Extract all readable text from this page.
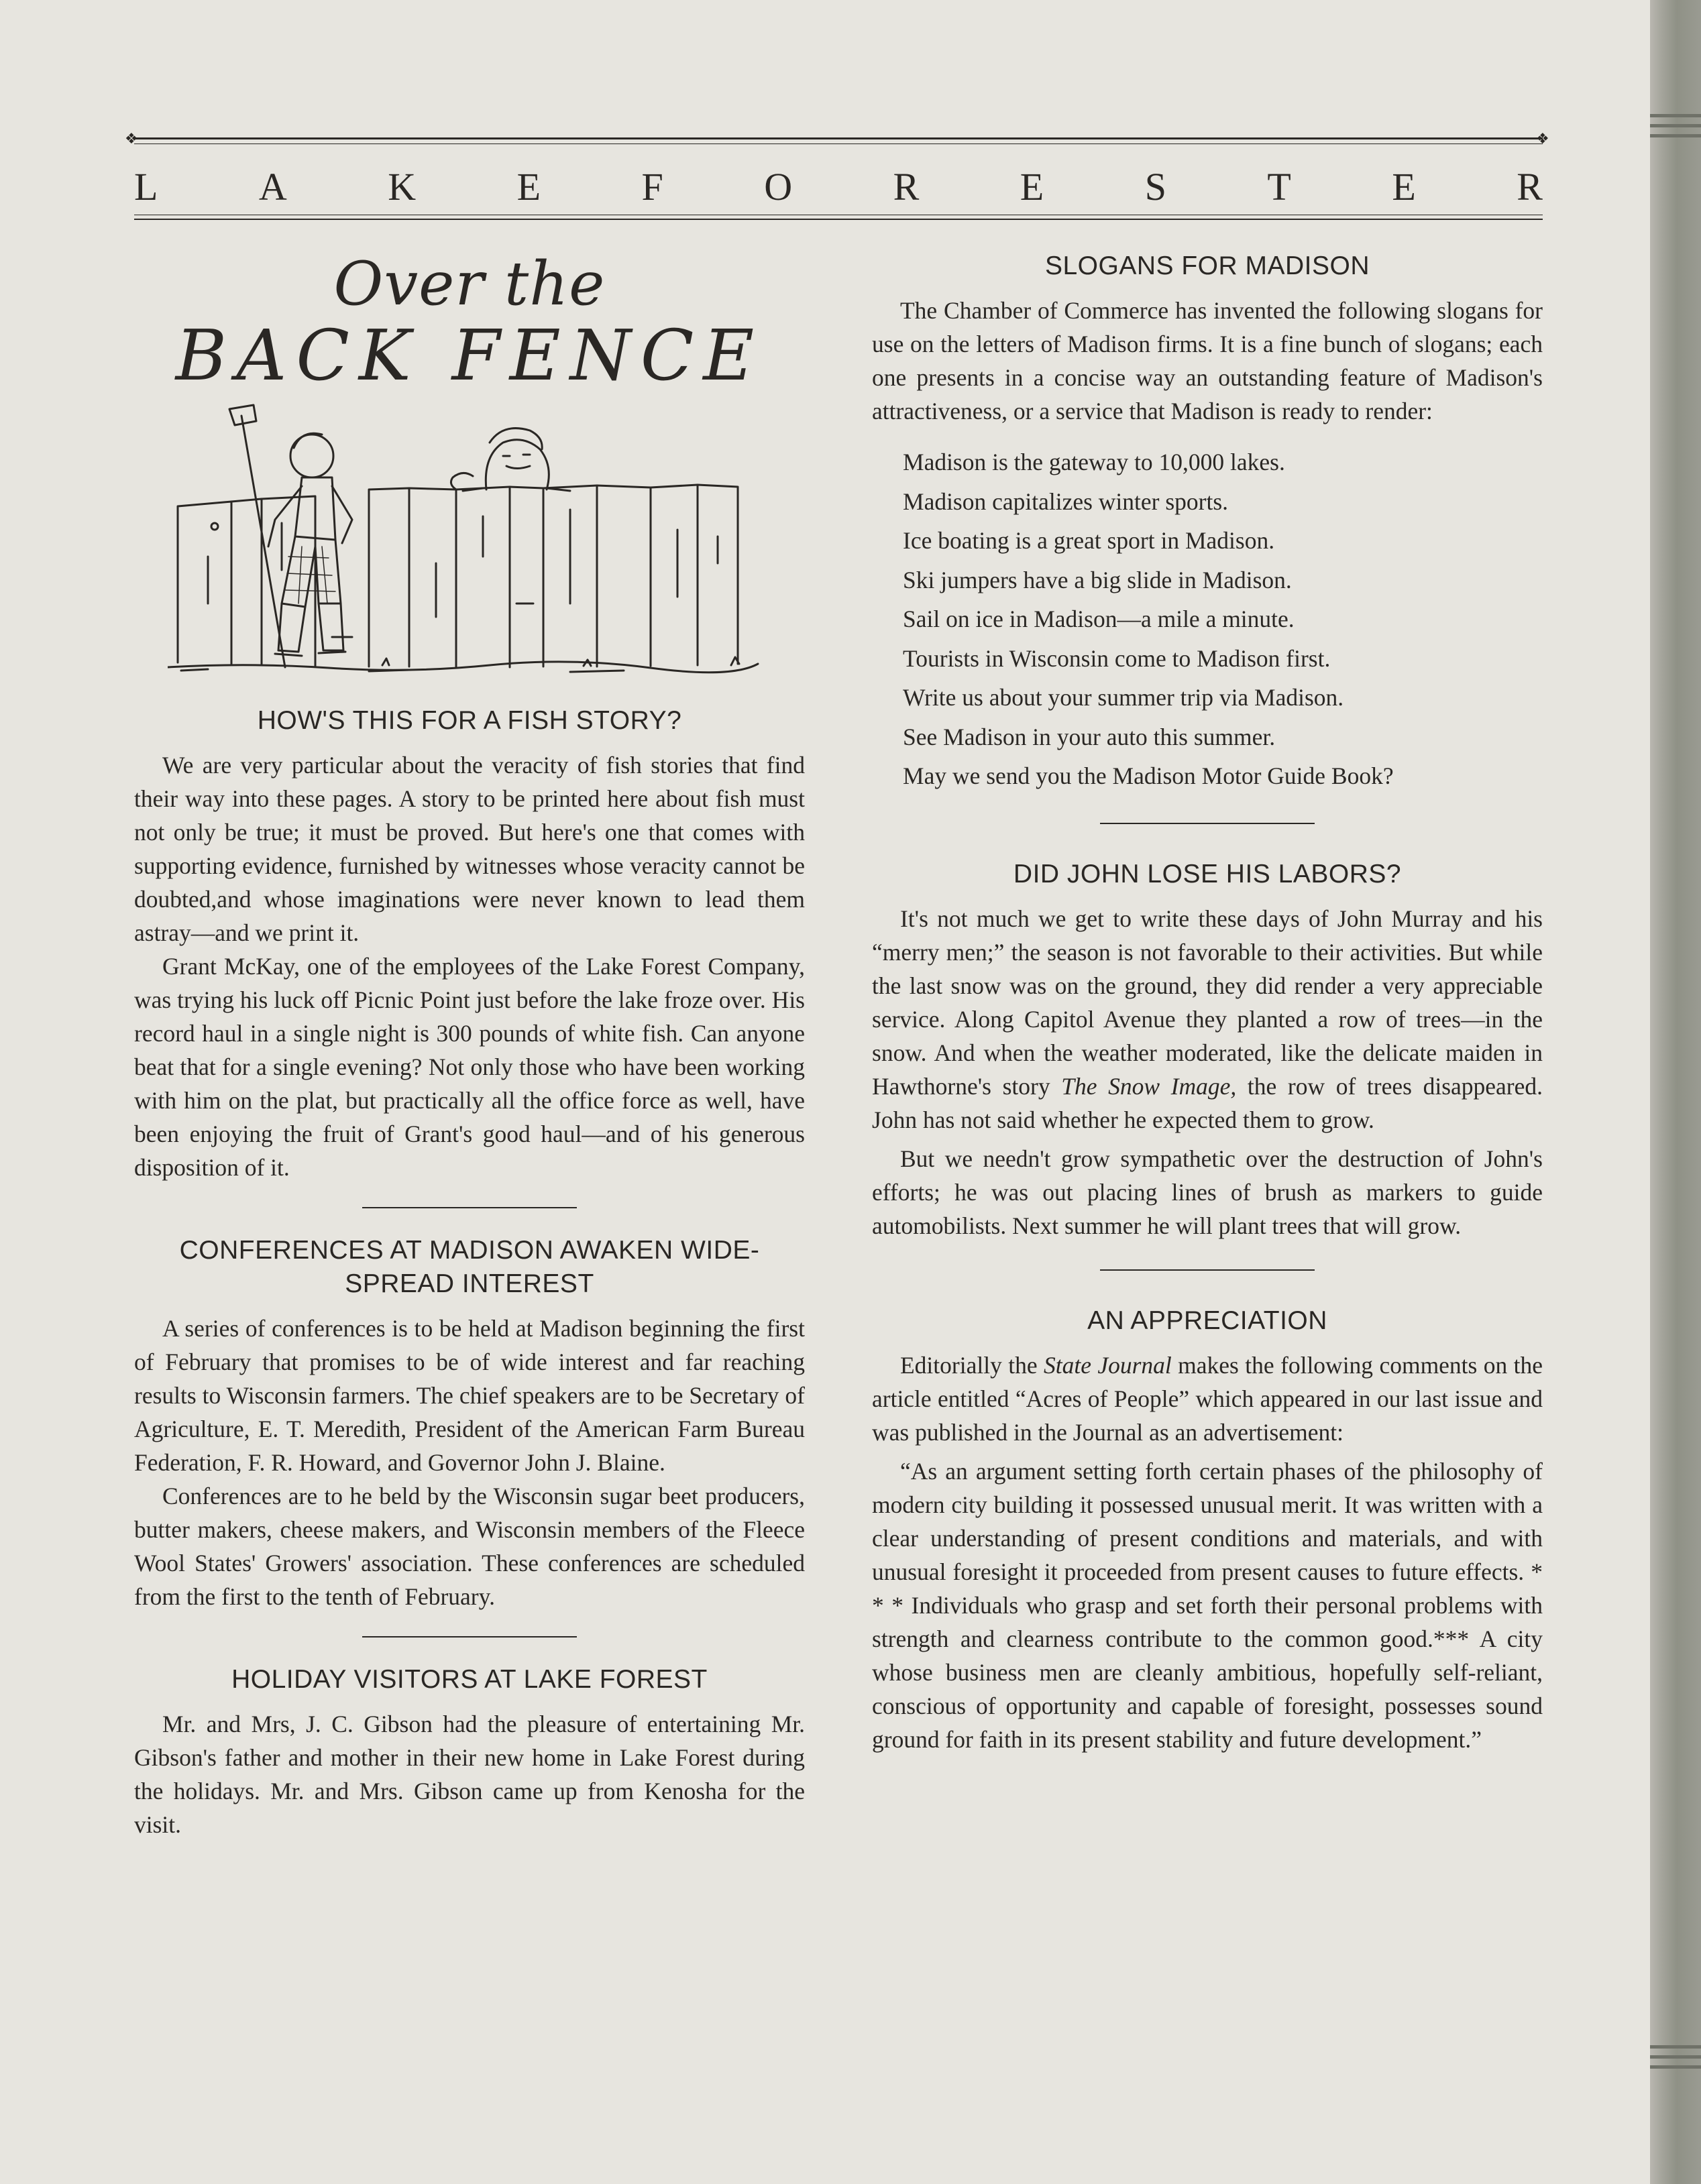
❖	❖
L	A	K	E	F	O	R	E	S	T	E	R
Over the
BACK FENCE
HOW'S THIS FOR A FISH STORY?

We are very particular about the veracity of fish stories that find their way into these pages. A story to be printed here about fish must not only be true; it must be proved. But here's one that comes with supporting evidence, furnished by witnesses whose veracity cannot be doubted,and whose imaginations were never known to lead them astray—and we print it.

Grant McKay, one of the employees of the Lake Forest Company, was trying his luck off Picnic Point just before the lake froze over. His record haul in a single night is 300 pounds of white fish. Can anyone beat that for a single evening? Not only those who have been working with him on the plat, but practically all the office force as well, have been enjoying the fruit of Grant's good haul—and of his generous disposition of it.

CONFERENCES AT MADISON AWAKEN WIDE-SPREAD INTEREST

A series of conferences is to be held at Madison beginning the first of February that promises to be of wide interest and far reaching results to Wisconsin farmers. The chief speakers are to be Secretary of Agriculture, E. T. Meredith, President of the American Farm Bureau Federation, F. R. Howard, and Governor John J. Blaine.

Conferences are to he beld by the Wisconsin sugar beet producers, butter makers, cheese makers, and Wisconsin members of the Fleece Wool States' Growers' association. These conferences are scheduled from the first to the tenth of February.

HOLIDAY VISITORS AT LAKE FOREST

Mr. and Mrs, J. C. Gibson had the pleasure of entertaining Mr. Gibson's father and mother in their new home in Lake Forest during the holidays. Mr. and Mrs. Gibson came up from Kenosha for the visit.

SLOGANS FOR MADISON

The Chamber of Commerce has invented the following slogans for use on the letters of Madison firms. It is a fine bunch of slogans; each one presents in a concise way an outstanding feature of Madison's attractiveness, or a service that Madison is ready to render:

Madison is the gateway to 10,000 lakes.
Madison capitalizes winter sports.
Ice boating is a great sport in Madison.
Ski jumpers have a big slide in Madison.
Sail on ice in Madison—a mile a minute.
Tourists in Wisconsin come to Madison first.
Write us about your summer trip via Madison.
See Madison in your auto this summer.
May we send you the Madison Motor Guide Book?
DID JOHN LOSE HIS LABORS?

It's not much we get to write these days of John Murray and his “merry men;” the season is not favorable to their activities. But while the last snow was on the ground, they did render a very appreciable service. Along Capitol Avenue they planted a row of trees—in the snow. And when the weather moderated, like the delicate maiden in Hawthorne's story The Snow Image, the row of trees disappeared. John has not said whether he expected them to grow.

But we needn't grow sympathetic over the destruction of John's efforts; he was out placing lines of brush as markers to guide automobilists. Next summer he will plant trees that will grow.

AN APPRECIATION

Editorially the State Journal makes the following comments on the article entitled “Acres of People” which appeared in our last issue and was published in the Journal as an advertisement:

“As an argument setting forth certain phases of the philosophy of modern city building it possessed unusual merit. It was written with a clear understanding of present conditions and materials, and with unusual foresight it proceeded from present causes to future effects. * * * Individuals who grasp and set forth their personal problems with strength and clearness contribute to the common good.*** A city whose business men are cleanly ambitious, hopefully self-reliant, conscious of opportunity and capable of foresight, possesses sound ground for faith in its present stability and future development.”
